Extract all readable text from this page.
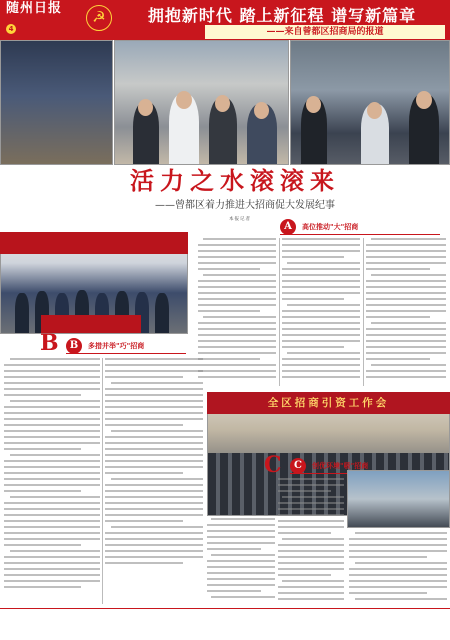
随州日报
4
☭	拥抱新时代 踏上新征程 谱写新篇章
——来自曾都区招商局的报道
活力之水滚滚来
——曾都区着力推进大招商促大发展纪事
本报记者
A	高位推动"大"招商
B	B	多措并举"巧"招商
全区招商引资工作会
C	C	创优环境"吸"招商
